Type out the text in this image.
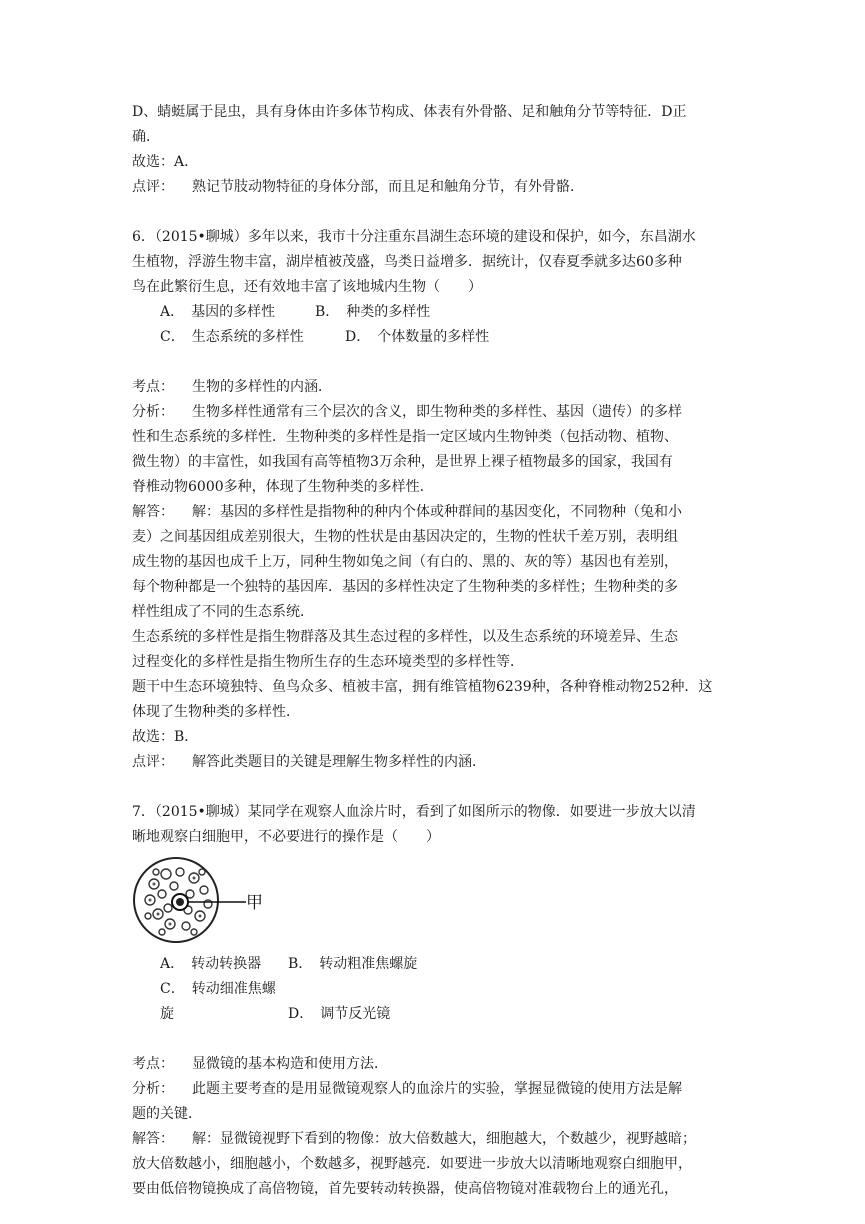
D、蜻蜓属于昆虫，具有身体由许多体节构成、体表有外骨骼、足和触角分节等特征．D正

确．

故选：A．

点评： 熟记节肢动物特征的身体分部，而且足和触角分节，有外骨骼．

6．（2015•聊城）多年以来，我市十分注重东昌湖生态环境的建设和保护，如今，东昌湖水

生植物，浮游生物丰富，湖岸植被茂盛，鸟类日益增多．据统计，仅春夏季就多达60多种

鸟在此繁衍生息，还有效地丰富了该地城内生物（　　）

A．　基因的多样性	B．　种类的多样性

C．　生态系统的多样性	D．　个体数量的多样性

考点： 生物的多样性的内涵．

分析： 生物多样性通常有三个层次的含义，即生物种类的多样性、基因（遗传）的多样

性和生态系统的多样性．生物种类的多样性是指一定区域内生物钟类（包括动物、植物、

微生物）的丰富性，如我国有高等植物3万余种，是世界上裸子植物最多的国家，我国有

脊椎动物6000多种，体现了生物种类的多样性．

解答： 解：基因的多样性是指物种的种内个体或种群间的基因变化，不同物种（兔和小

麦）之间基因组成差别很大，生物的性状是由基因决定的，生物的性状千差万别，表明组

成生物的基因也成千上万，同种生物如兔之间（有白的、黑的、灰的等）基因也有差别，

每个物种都是一个独特的基因库．基因的多样性决定了生物种类的多样性；生物种类的多

样性组成了不同的生态系统．

生态系统的多样性是指生物群落及其生态过程的多样性，以及生态系统的环境差异、生态

过程变化的多样性是指生物所生存的生态环境类型的多样性等．

题干中生态环境独特、鱼鸟众多、植被丰富，拥有维管植物6239种，各种脊椎动物252种．这

体现了生物种类的多样性．

故选：B．

点评： 解答此类题目的关键是理解生物多样性的内涵．

7．（2015•聊城）某同学在观察人血涂片时，看到了如图所示的物像．如要进一步放大以清

晰地观察白细胞甲，不必要进行的操作是（　　）

甲

A．　转动转换器 B．　转动粗准焦螺旋

C．　转动细准焦螺旋	D．　调节反光镜

考点： 显微镜的基本构造和使用方法．

分析： 此题主要考查的是用显微镜观察人的血涂片的实验，掌握显微镜的使用方法是解

题的关键．

解答： 解：显微镜视野下看到的物像：放大倍数越大，细胞越大，个数越少，视野越暗；

放大倍数越小，细胞越小，个数越多，视野越亮．如要进一步放大以清晰地观察白细胞甲，

要由低倍物镜换成了高倍物镜，首先要转动转换器，使高倍物镜对准载物台上的通光孔，
